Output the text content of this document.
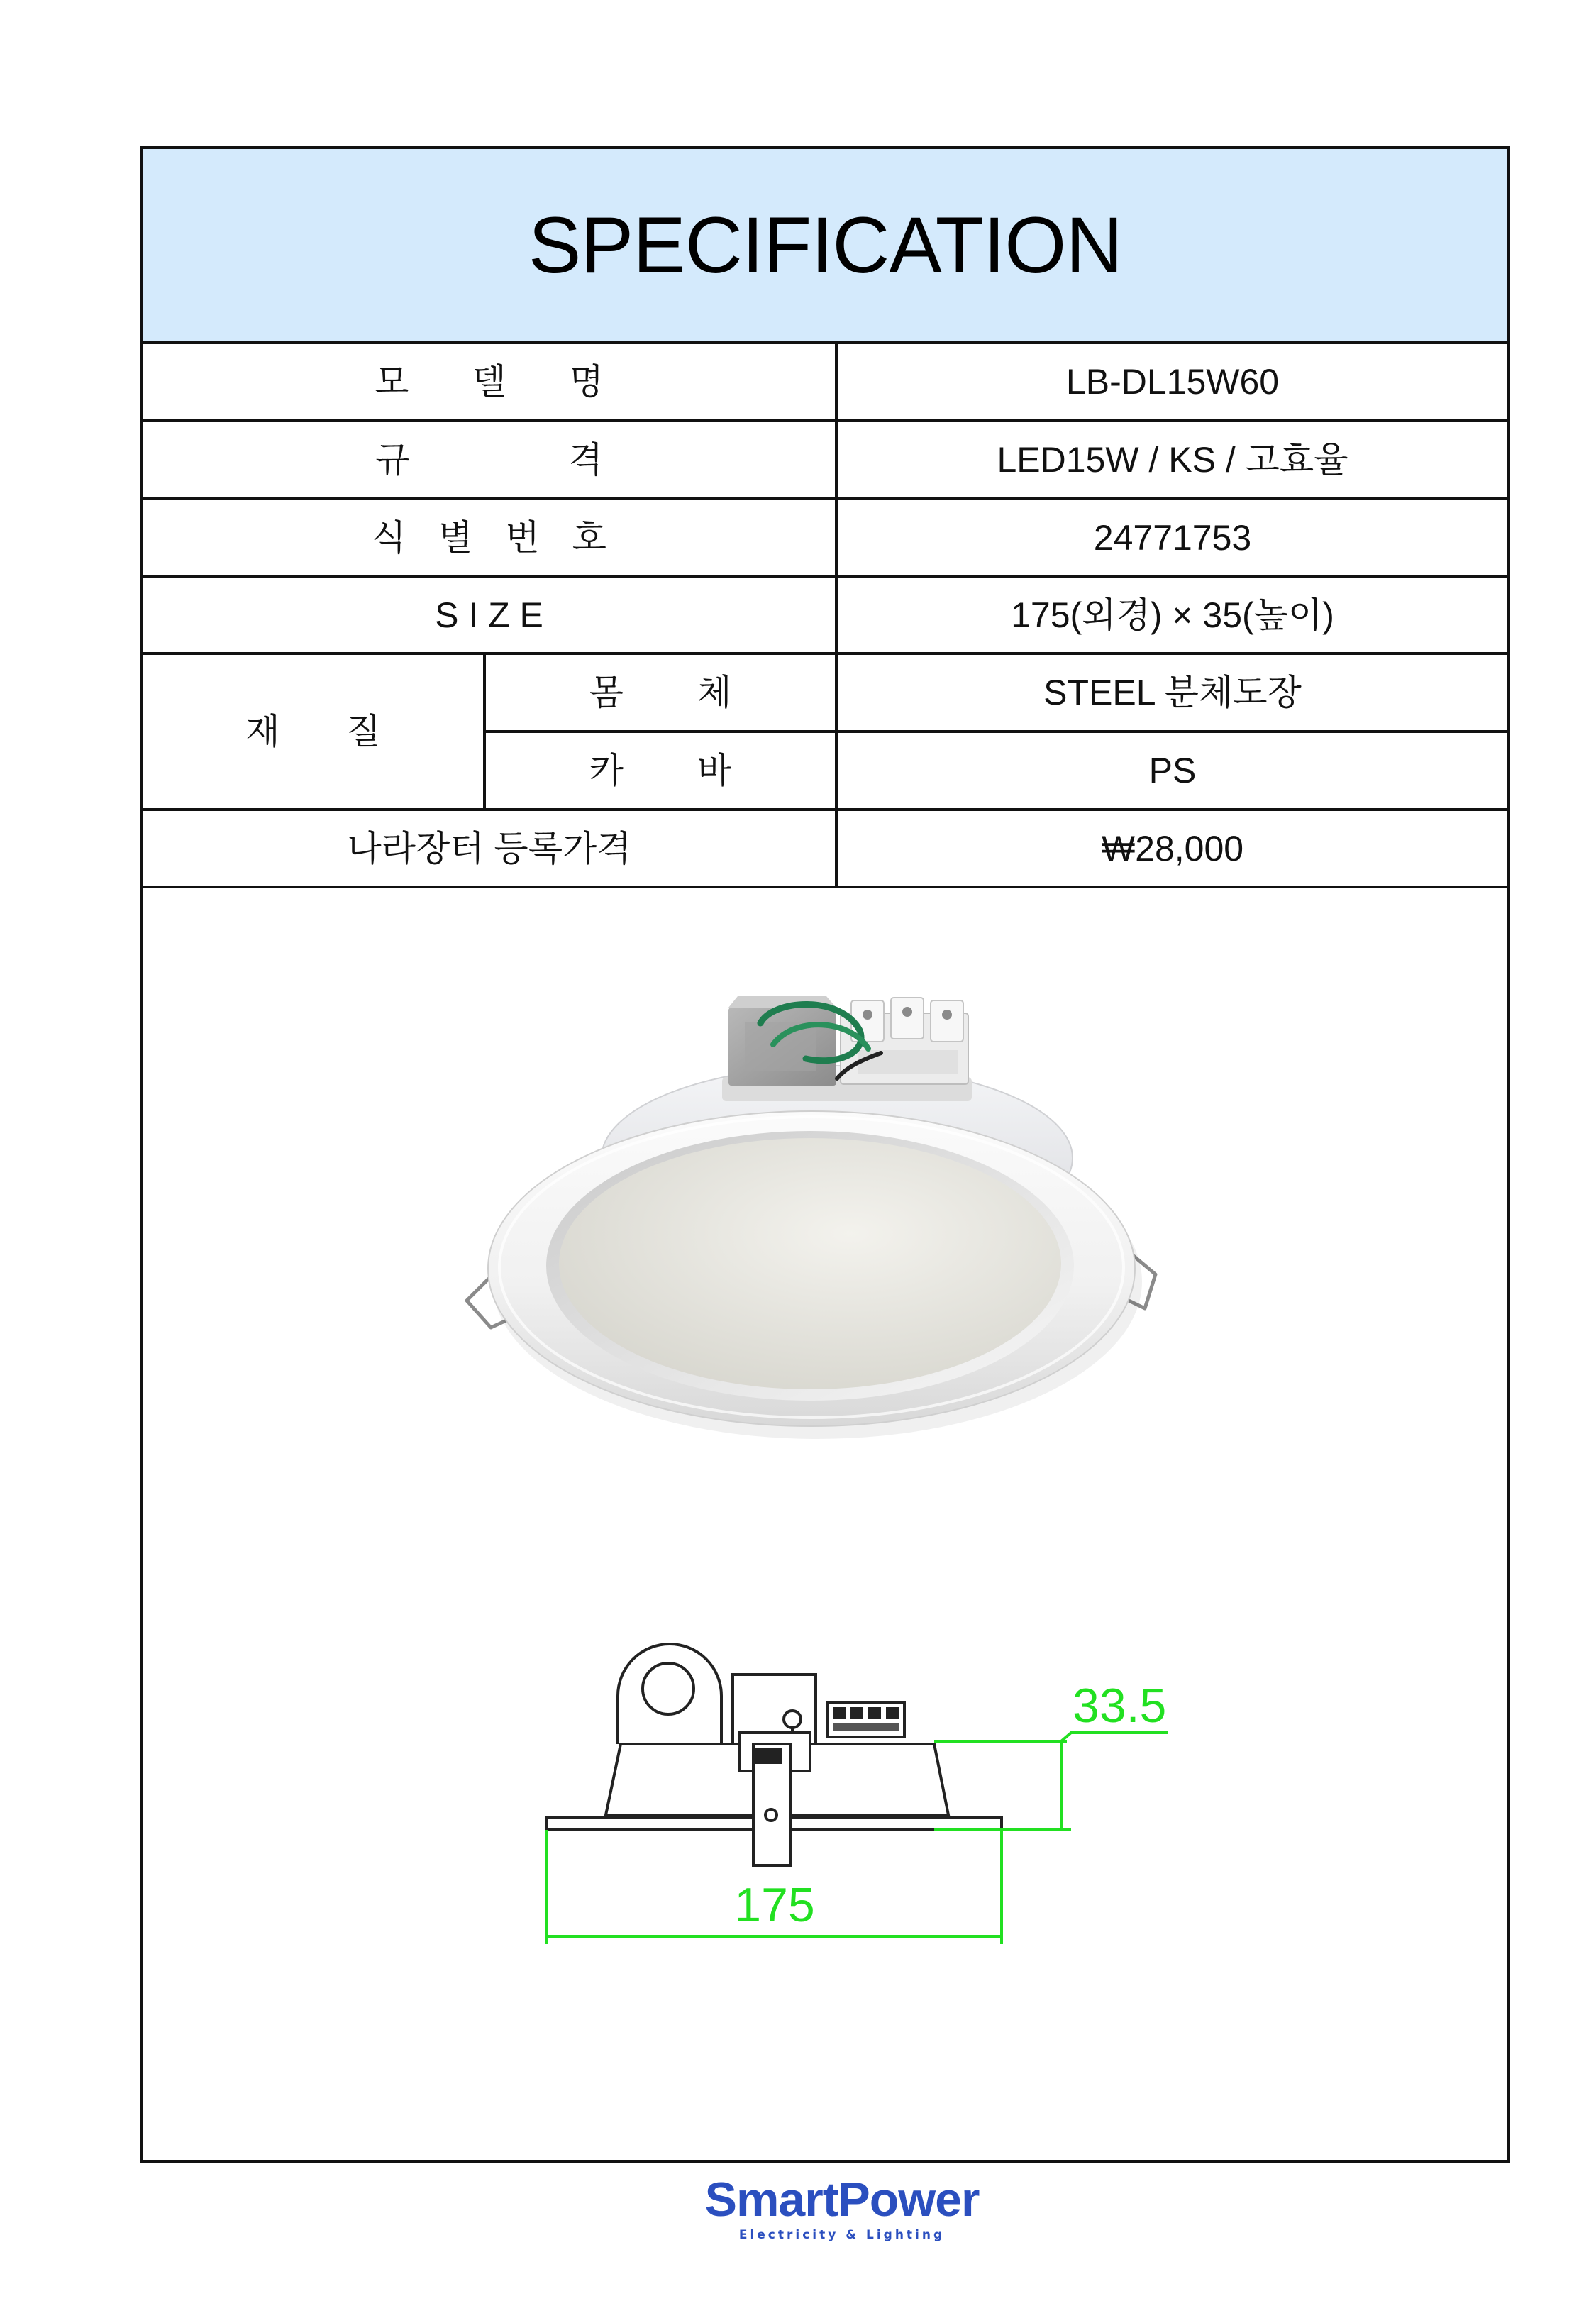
SPECIFICATION
모 델 명	LB-DL15W60
규 격	LED15W / KS / 고효율
식 별 번 호	24771753
S I Z E	175(외경) × 35(높이)
재 질
몸 체	STEEL 분체도장
카 바	PS
나라장터 등록가격	₩28,000
33.5
175
SmartPower
Electricity & Lighting
